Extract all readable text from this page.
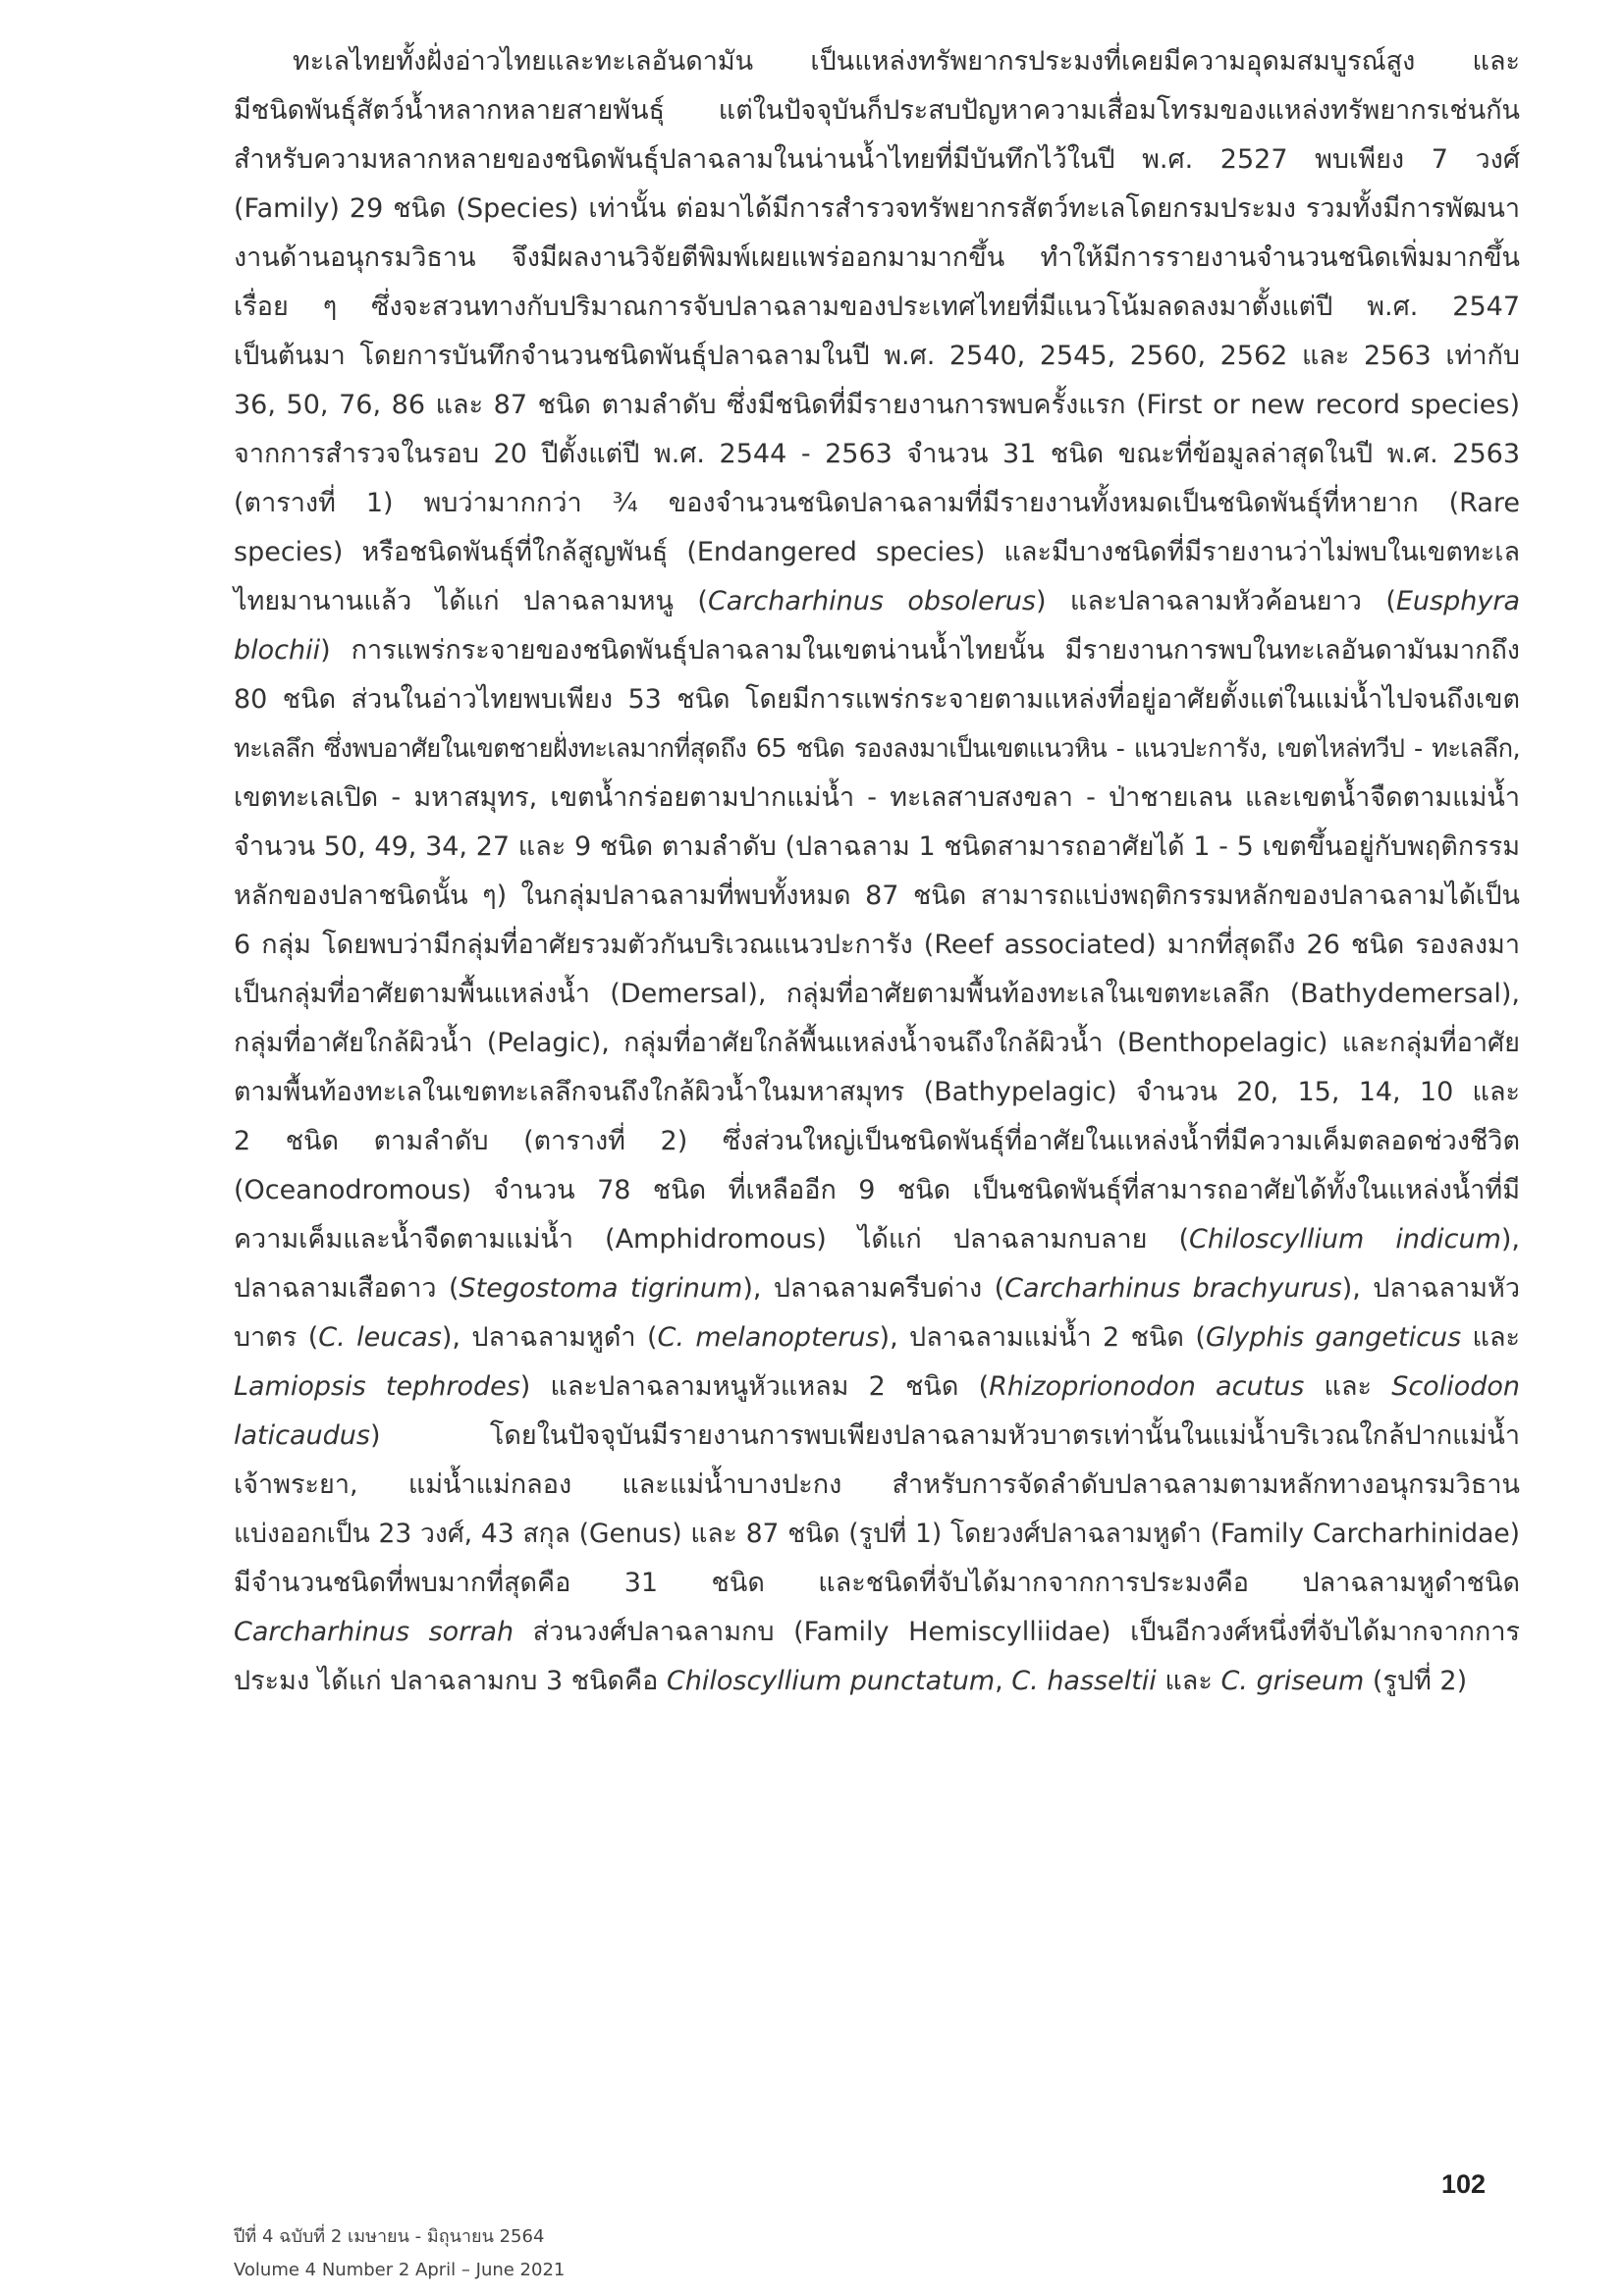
ทะเลไทยทั้งฝั่งอ่าวไทยและทะเลอันดามัน เป็นแหล่งทรัพยากรประมงที่เคยมีความอุดมสมบูรณ์สูง และ
มีชนิดพันธุ์สัตว์น้ำหลากหลายสายพันธุ์ แต่ในปัจจุบันก็ประสบปัญหาความเสื่อมโทรมของแหล่งทรัพยากรเช่นกัน
สำหรับความหลากหลายของชนิดพันธุ์ปลาฉลามในน่านน้ำไทยที่มีบันทึกไว้ในปี พ.ศ. 2527 พบเพียง 7 วงศ์
(Family) 29 ชนิด (Species) เท่านั้น ต่อมาได้มีการสำรวจทรัพยากรสัตว์ทะเลโดยกรมประมง รวมทั้งมีการพัฒนา
งานด้านอนุกรมวิธาน จึงมีผลงานวิจัยตีพิมพ์เผยแพร่ออกมามากขึ้น ทำให้มีการรายงานจำนวนชนิดเพิ่มมากขึ้น
เรื่อย ๆ ซึ่งจะสวนทางกับปริมาณการจับปลาฉลามของประเทศไทยที่มีแนวโน้มลดลงมาตั้งแต่ปี พ.ศ. 2547
เป็นต้นมา โดยการบันทึกจำนวนชนิดพันธุ์ปลาฉลามในปี พ.ศ. 2540, 2545, 2560, 2562 และ 2563 เท่ากับ
36, 50, 76, 86 และ 87 ชนิด ตามลำดับ ซึ่งมีชนิดที่มีรายงานการพบครั้งแรก (First or new record species)
จากการสำรวจในรอบ 20 ปีตั้งแต่ปี พ.ศ. 2544 - 2563 จำนวน 31 ชนิด ขณะที่ข้อมูลล่าสุดในปี พ.ศ. 2563
(ตารางที่ 1) พบว่ามากกว่า ¾ ของจำนวนชนิดปลาฉลามที่มีรายงานทั้งหมดเป็นชนิดพันธุ์ที่หายาก (Rare
species) หรือชนิดพันธุ์ที่ใกล้สูญพันธุ์ (Endangered species) และมีบางชนิดที่มีรายงานว่าไม่พบในเขตทะเล
ไทยมานานแล้ว ได้แก่ ปลาฉลามหนู (Carcharhinus obsolerus) และปลาฉลามหัวค้อนยาว (Eusphyra
blochii) การแพร่กระจายของชนิดพันธุ์ปลาฉลามในเขตน่านน้ำไทยนั้น มีรายงานการพบในทะเลอันดามันมากถึง
80 ชนิด ส่วนในอ่าวไทยพบเพียง 53 ชนิด โดยมีการแพร่กระจายตามแหล่งที่อยู่อาศัยตั้งแต่ในแม่น้ำไปจนถึงเขต
ทะเลลึก ซึ่งพบอาศัยในเขตชายฝั่งทะเลมากที่สุดถึง 65 ชนิด รองลงมาเป็นเขตแนวหิน - แนวปะการัง, เขตไหล่ทวีป - ทะเลลึก,
เขตทะเลเปิด - มหาสมุทร, เขตน้ำกร่อยตามปากแม่น้ำ - ทะเลสาบสงขลา - ป่าชายเลน และเขตน้ำจืดตามแม่น้ำ
จำนวน 50, 49, 34, 27 และ 9 ชนิด ตามลำดับ (ปลาฉลาม 1 ชนิดสามารถอาศัยได้ 1 - 5 เขตขึ้นอยู่กับพฤติกรรม
หลักของปลาชนิดนั้น ๆ) ในกลุ่มปลาฉลามที่พบทั้งหมด 87 ชนิด สามารถแบ่งพฤติกรรมหลักของปลาฉลามได้เป็น
6 กลุ่ม โดยพบว่ามีกลุ่มที่อาศัยรวมตัวกันบริเวณแนวปะการัง (Reef associated) มากที่สุดถึง 26 ชนิด รองลงมา
เป็นกลุ่มที่อาศัยตามพื้นแหล่งน้ำ (Demersal), กลุ่มที่อาศัยตามพื้นท้องทะเลในเขตทะเลลึก (Bathydemersal),
กลุ่มที่อาศัยใกล้ผิวน้ำ (Pelagic), กลุ่มที่อาศัยใกล้พื้นแหล่งน้ำจนถึงใกล้ผิวน้ำ (Benthopelagic) และกลุ่มที่อาศัย
ตามพื้นท้องทะเลในเขตทะเลลึกจนถึงใกล้ผิวน้ำในมหาสมุทร (Bathypelagic) จำนวน 20, 15, 14, 10 และ
2 ชนิด ตามลำดับ (ตารางที่ 2) ซึ่งส่วนใหญ่เป็นชนิดพันธุ์ที่อาศัยในแหล่งน้ำที่มีความเค็มตลอดช่วงชีวิต
(Oceanodromous) จำนวน 78 ชนิด ที่เหลืออีก 9 ชนิด เป็นชนิดพันธุ์ที่สามารถอาศัยได้ทั้งในแหล่งน้ำที่มี
ความเค็มและน้ำจืดตามแม่น้ำ (Amphidromous) ได้แก่ ปลาฉลามกบลาย (Chiloscyllium indicum),
ปลาฉลามเสือดาว (Stegostoma tigrinum), ปลาฉลามครีบด่าง (Carcharhinus brachyurus), ปลาฉลามหัว
บาตร (C. leucas), ปลาฉลามหูดำ (C. melanopterus), ปลาฉลามแม่น้ำ 2 ชนิด (Glyphis gangeticus และ
Lamiopsis tephrodes) และปลาฉลามหนูหัวแหลม 2 ชนิด (Rhizoprionodon acutus และ Scoliodon
laticaudus) โดยในปัจจุบันมีรายงานการพบเพียงปลาฉลามหัวบาตรเท่านั้นในแม่น้ำบริเวณใกล้ปากแม่น้ำ
เจ้าพระยา, แม่น้ำแม่กลอง และแม่น้ำบางปะกง สำหรับการจัดลำดับปลาฉลามตามหลักทางอนุกรมวิธาน
แบ่งออกเป็น 23 วงศ์, 43 สกุล (Genus) และ 87 ชนิด (รูปที่ 1) โดยวงศ์ปลาฉลามหูดำ (Family Carcharhinidae)
มีจำนวนชนิดที่พบมากที่สุดคือ 31 ชนิด และชนิดที่จับได้มากจากการประมงคือ ปลาฉลามหูดำชนิด
Carcharhinus sorrah ส่วนวงศ์ปลาฉลามกบ (Family Hemiscylliidae) เป็นอีกวงศ์หนึ่งที่จับได้มากจากการ
ประมง ได้แก่ ปลาฉลามกบ 3 ชนิดคือ Chiloscyllium punctatum, C. hasseltii และ C. griseum (รูปที่ 2)
102
ปีที่ 4 ฉบับที่ 2 เมษายน - มิถุนายน 2564
Volume 4 Number 2 April – June 2021
